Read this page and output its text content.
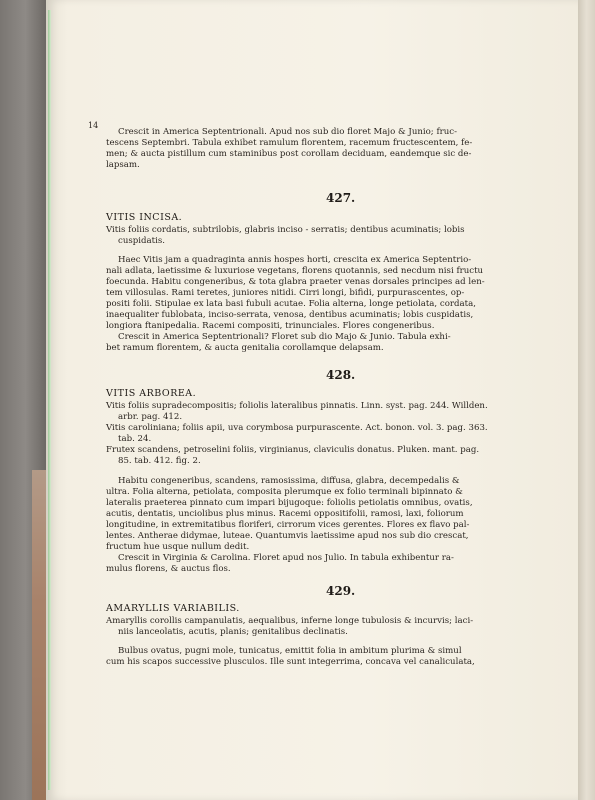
14
Crescit in America Septentrionali. Apud nos sub dio floret Majo & Junio; fruc-
tescens Septembri. Tabula exhibet ramulum florentem, racemum fructescentem, fe-
men; & aucta pistillum cum staminibus post corollam deciduam, eandemque sic de-
lapsam.
427.
VITIS INCISA.
Vitis foliis cordatis, subtrilobis, glabris inciso - serratis; dentibus acuminatis; lobis
cuspidatis.
Haec Vitis jam a quadraginta annis hospes horti, crescita ex America Septentrio-
nali adlata, laetissime & luxuriose vegetans, florens quotannis, sed necdum nisi fructu
foecunda. Habitu congeneribus, & tota glabra praeter venas dorsales principes ad len-
tem villosulas. Rami teretes, juniores nitidi. Cirri longi, bifidi, purpurascentes, op-
positi folii. Stipulae ex lata basi fubuli acutae. Folia alterna, longe petiolata, cordata,
inaequaliter fublobata, inciso-serrata, venosa, dentibus acuminatis; lobis cuspidatis,
longiora ftanipedalia. Racemi compositi, trinunciales. Flores congeneribus.
Crescit in America Septentrionali? Floret sub dio Majo & Junio. Tabula exhi-
bet ramum florentem, & aucta genitalia corollamque delapsam.
428.
VITIS ARBOREA.
Vitis foliis supradecompositis; foliolis lateralibus pinnatis. Linn. syst. pag. 244. Willden.
arbr. pag. 412.
Vitis caroliniana; foliis apii, uva corymbosa purpurascente. Act. bonon. vol. 3. pag. 363.
tab. 24.
Frutex scandens, petroselini foliis, virginianus, claviculis donatus. Pluken. mant. pag.
85. tab. 412. fig. 2.
Habitu congeneribus, scandens, ramosissima, diffusa, glabra, decempedalis &
ultra. Folia alterna, petiolata, composita plerumque ex folio terminali bipinnato &
lateralis praeterea pinnato cum impari bijugoque: foliolis petiolatis omnibus, ovatis,
acutis, dentatis, unciolibus plus minus. Racemi oppositifolii, ramosi, laxi, foliorum
longitudine, in extremitatibus floriferi, cirrorum vices gerentes. Flores ex flavo pal-
lentes. Antherae didymae, luteae. Quantumvis laetissime apud nos sub dio crescat,
fructum hue usque nullum dedit.
Crescit in Virginia & Carolina. Floret apud nos Julio. In tabula exhibentur ra-
mulus florens, & auctus flos.
429.
AMARYLLIS VARIABILIS.
Amaryllis corollis campanulatis, aequalibus, inferne longe tubulosis & incurvis; laci-
niis lanceolatis, acutis, planis; genitalibus declinatis.
Bulbus ovatus, pugni mole, tunicatus, emittit folia in ambitum plurima & simul
cum his scapos successive plusculos. Ille sunt integerrima, concava vel canaliculata,
